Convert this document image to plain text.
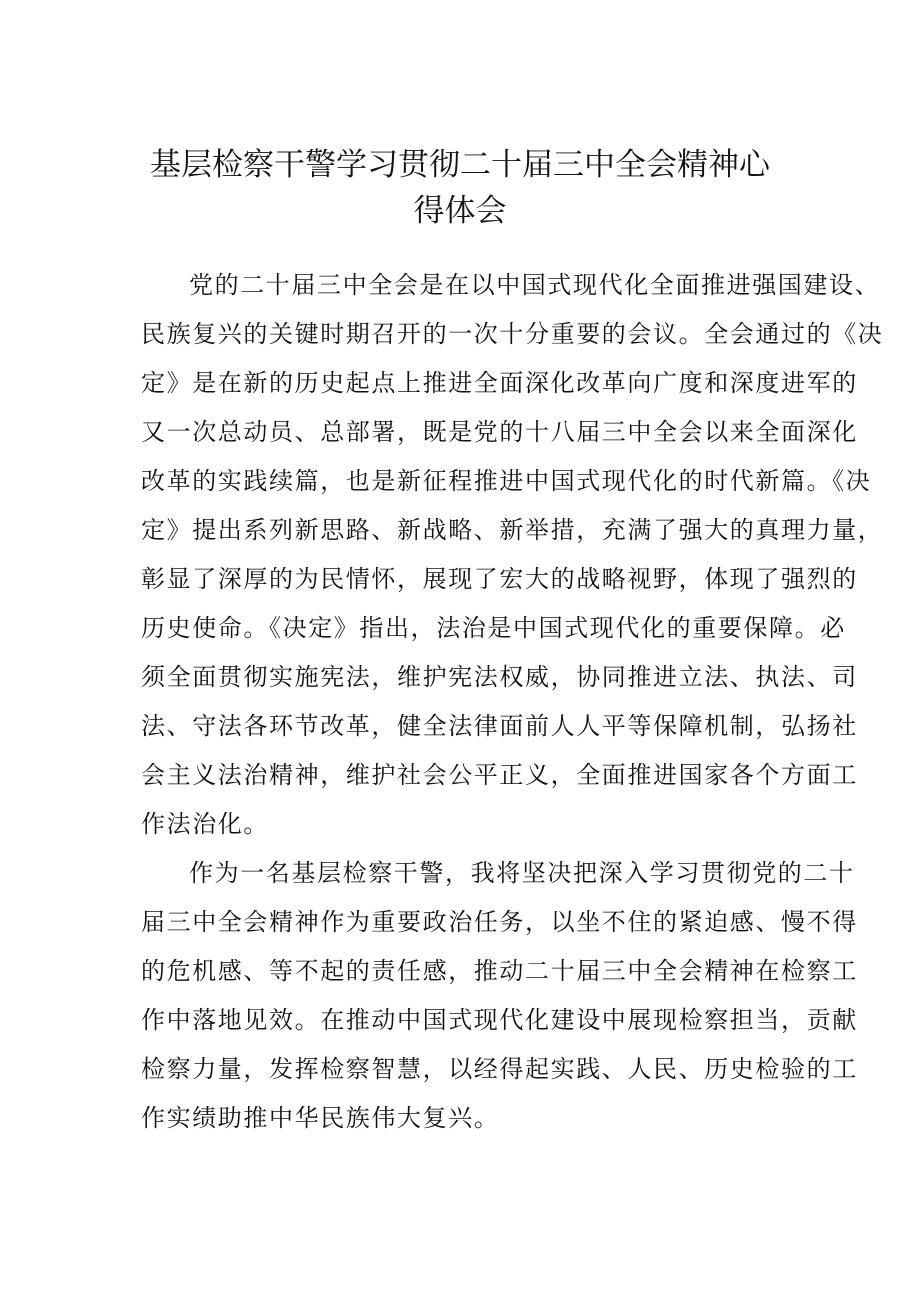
基层检察干警学习贯彻二十届三中全会精神心
得体会
党的二十届三中全会是在以中国式现代化全面推进强国建设、
民族复兴的关键时期召开的一次十分重要的会议。全会通过的《决
定》是在新的历史起点上推进全面深化改革向广度和深度进军的
又一次总动员、总部署，既是党的十八届三中全会以来全面深化
改革的实践续篇，也是新征程推进中国式现代化的时代新篇。《决
定》提出系列新思路、新战略、新举措，充满了强大的真理力量，
彰显了深厚的为民情怀，展现了宏大的战略视野，体现了强烈的
历史使命。《决定》指出，法治是中国式现代化的重要保障。必
须全面贯彻实施宪法，维护宪法权威，协同推进立法、执法、司
法、守法各环节改革，健全法律面前人人平等保障机制，弘扬社
会主义法治精神，维护社会公平正义，全面推进国家各个方面工
作法治化。
作为一名基层检察干警，我将坚决把深入学习贯彻党的二十
届三中全会精神作为重要政治任务，以坐不住的紧迫感、慢不得
的危机感、等不起的责任感，推动二十届三中全会精神在检察工
作中落地见效。在推动中国式现代化建设中展现检察担当，贡献
检察力量，发挥检察智慧，以经得起实践、人民、历史检验的工
作实绩助推中华民族伟大复兴。
